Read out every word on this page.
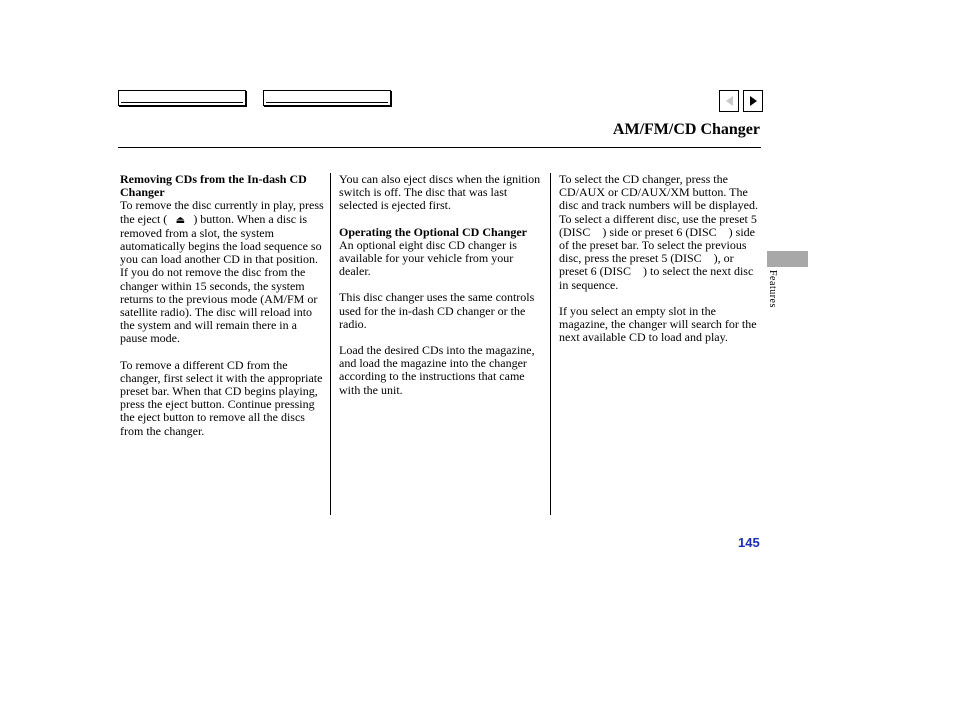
AM/FM/CD Changer
Removing CDs from the In-dash CD Changer

To remove the disc currently in play, press the eject ( ⏏ ) button. When a disc is removed from a slot, the system automatically begins the load sequence so you can load another CD in that position. If you do not remove the disc from the changer within 15 seconds, the system returns to the previous mode (AM/FM or satellite radio). The disc will reload into the system and will remain there in a pause mode.

To remove a different CD from the changer, first select it with the appropriate preset bar. When that CD begins playing, press the eject button. Continue pressing the eject button to remove all the discs from the changer.

You can also eject discs when the ignition switch is off. The disc that was last selected is ejected first.

Operating the Optional CD Changer

An optional eight disc CD changer is available for your vehicle from your dealer.

This disc changer uses the same controls used for the in-dash CD changer or the radio.

Load the desired CDs into the magazine, and load the magazine into the changer according to the instructions that came with the unit.

To select the CD changer, press the CD/AUX or CD/AUX/XM button. The disc and track numbers will be displayed. To select a different disc, use the preset 5 (DISC ) side or preset 6 (DISC ) side of the preset bar. To select the previous disc, press the preset 5 (DISC ), or preset 6 (DISC ) to select the next disc in sequence.

If you select an empty slot in the magazine, the changer will search for the next available CD to load and play.

Features
145
